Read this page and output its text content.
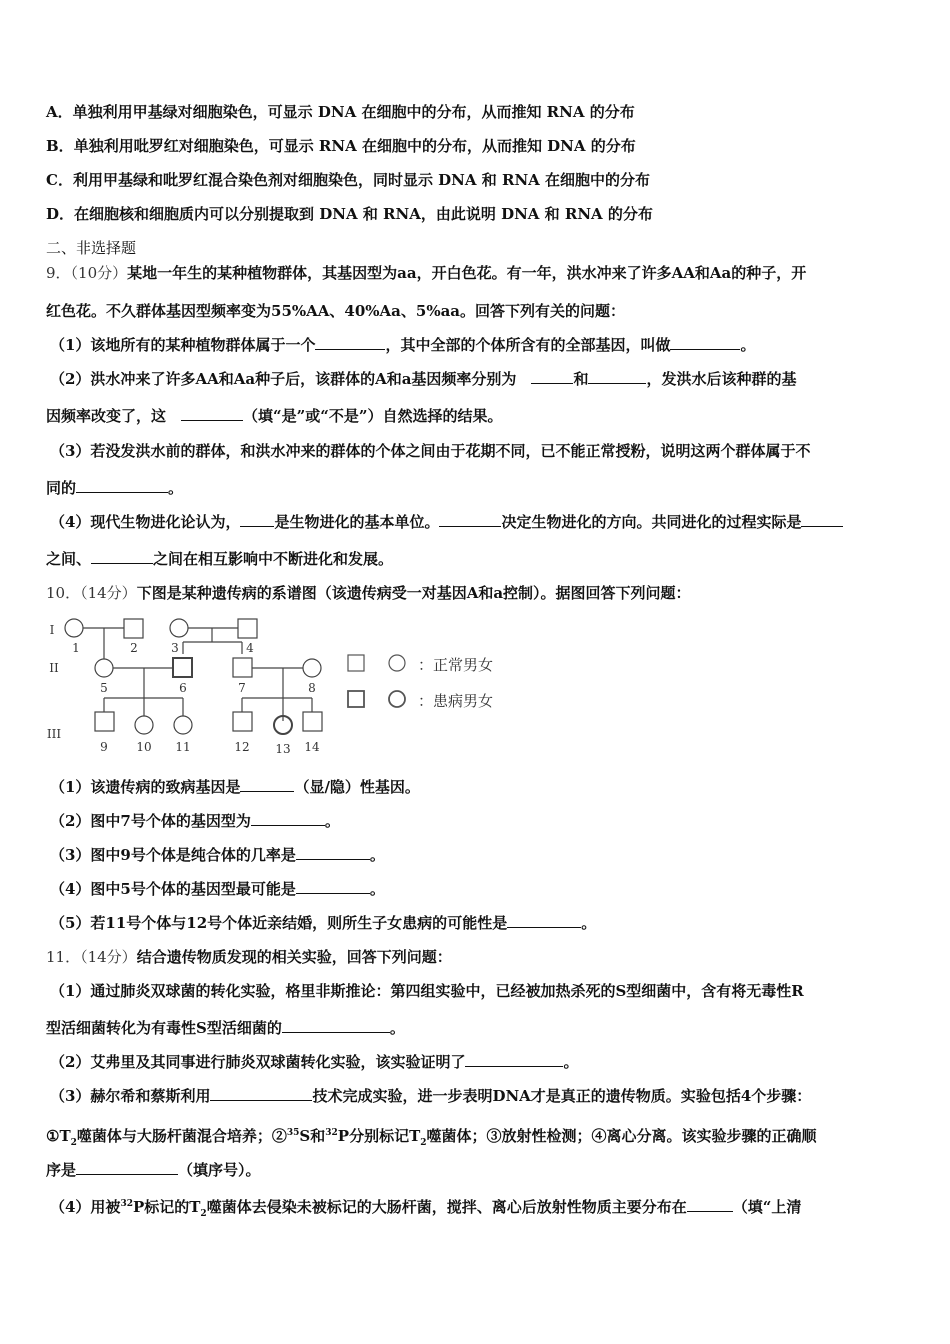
A．单独利用甲基绿对细胞染色，可显示 DNA 在细胞中的分布，从而推知 RNA 的分布
B．单独利用吡罗红对细胞染色，可显示 RNA 在细胞中的分布，从而推知 DNA 的分布
C．利用甲基绿和吡罗红混合染色剂对细胞染色，同时显示 DNA 和 RNA 在细胞中的分布
D．在细胞核和细胞质内可以分别提取到 DNA 和 RNA，由此说明 DNA 和 RNA 的分布
二、非选择题
9．（10分）某地一年生的某种植物群体，其基因型为aa，开白色花。有一年，洪水冲来了许多AA和Aa的种子，开
红色花。不久群体基因型频率变为55%AA、40%Aa、5%aa。回答下列有关的问题：
（1）该地所有的某种植物群体属于一个	，其中全部的个体所含有的全部基因，叫做	。
（2）洪水冲来了许多AA和Aa种子后，该群体的A和a基因频率分别为　	和	，发洪水后该种群的基
因频率改变了，这　	（填“是”或“不是”）自然选择的结果。
（3）若没发洪水前的群体，和洪水冲来的群体的个体之间由于花期不同，已不能正常授粉，说明这两个群体属于不
同的	。
（4）现代生物进化论认为， 是生物进化的基本单位。	决定生物进化的方向。共同进化的过程实际是
之间、	之间在相互影响中不断进化和发展。
10．（14分）下图是某种遗传病的系谱图（该遗传病受一对基因A和a控制）。据图回答下列问题：
I
II
III
1	2	3	4
5	6	7	8
9 10 11	12 13 14
：正常男女
：患病男女
（1）该遗传病的致病基因是	（显/隐）性基因。
（2）图中7号个体的基因型为	。
（3）图中9号个体是纯合体的几率是	。
（4）图中5号个体的基因型最可能是	。
（5）若11号个体与12号个体近亲结婚，则所生子女患病的可能性是	。
11．（14分）结合遗传物质发现的相关实验，回答下列问题：
（1）通过肺炎双球菌的转化实验，格里非斯推论：第四组实验中，已经被加热杀死的S型细菌中，含有将无毒性R
型活细菌转化为有毒性S型活细菌的	。
（2）艾弗里及其同事进行肺炎双球菌转化实验，该实验证明了	。
（3）赫尔希和蔡斯利用	技术完成实验，进一步表明DNA才是真正的遗传物质。实验包括4个步骤：
$①T_2$噬菌体与大肠杆菌混合培养；②$^{35}$S和$^{32}$P分别标记$T_2$噬菌体；③放射性检测；④离心分离。该实验步骤的正确顺
序是	（填序号）。
（4）用被$^{32}$P标记的$T_2$噬菌体去侵染未被标记的大肠杆菌，搅拌、离心后放射性物质主要分布在	（填“上清
